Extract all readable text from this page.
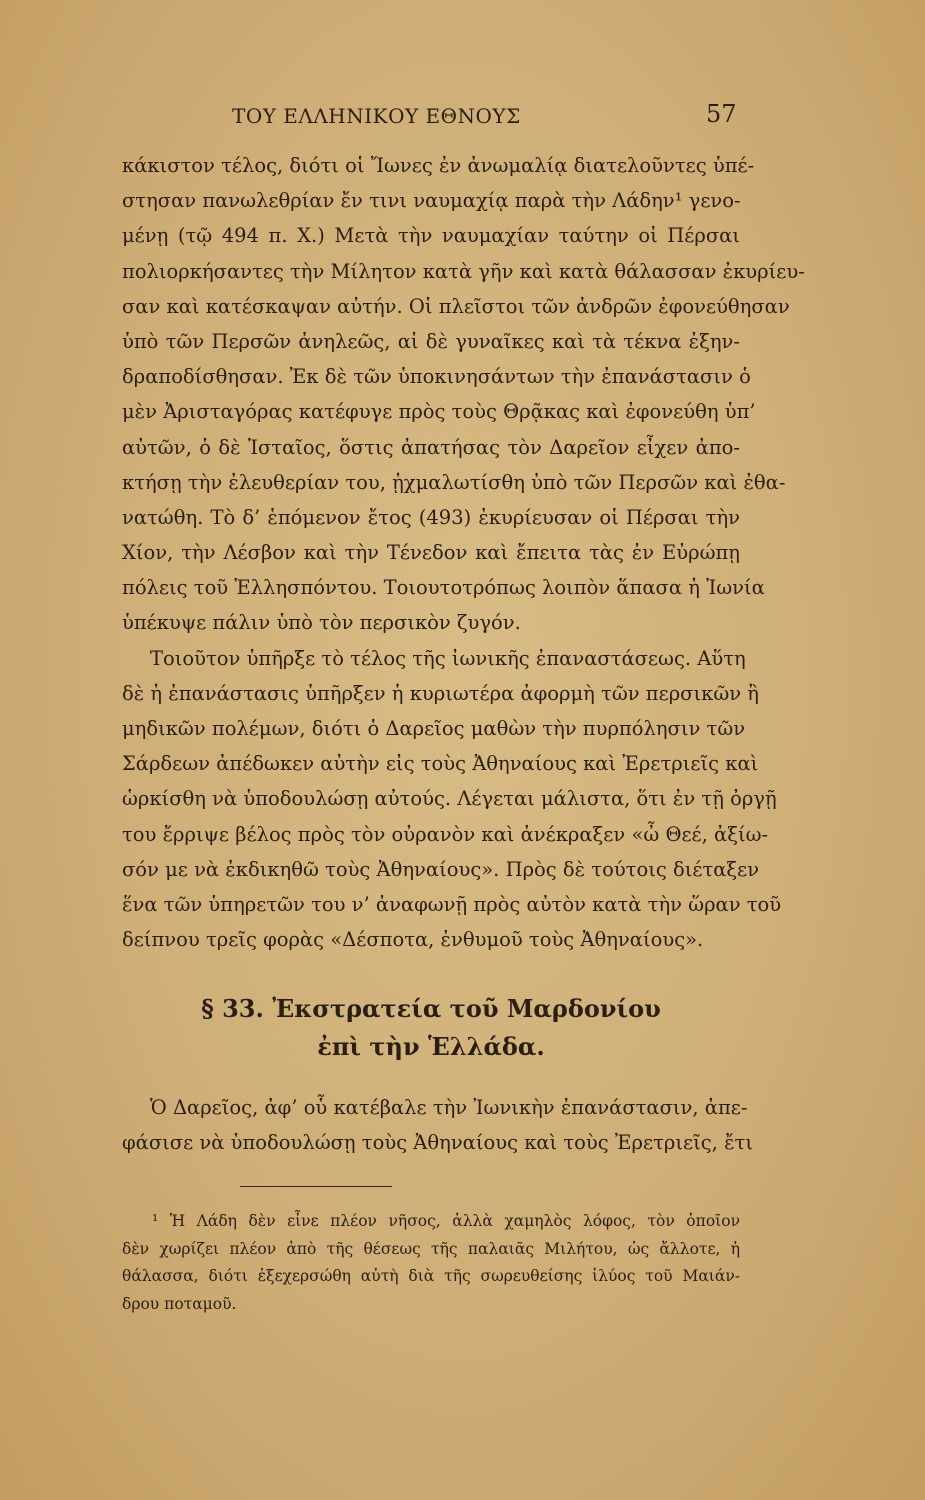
ΤΟΥ ΕΛΛΗΝΙΚΟΥ ΕΘΝΟΥΣ	57
κάκιστον τέλος, διότι οἱ Ἴωνες ἐν ἀνωμαλίᾳ διατελοῦντες ὑπέ-
στησαν πανωλεθρίαν ἔν τινι ναυμαχίᾳ παρὰ τὴν Λάδην¹ γενο-
μένῃ (τῷ 494 π. Χ.) Μετὰ τὴν ναυμαχίαν ταύτην οἱ Πέρσαι
πολιορκήσαντες τὴν Μίλητον κατὰ γῆν καὶ κατὰ θάλασσαν ἐκυρίευ-
σαν καὶ κατέσκαψαν αὐτήν. Οἱ πλεῖστοι τῶν ἀνδρῶν ἐφονεύθησαν
ὑπὸ τῶν Περσῶν ἀνηλεῶς, αἱ δὲ γυναῖκες καὶ τὰ τέκνα ἐξην-
δραποδίσθησαν. Ἐκ δὲ τῶν ὑποκινησάντων τὴν ἐπανάστασιν ὁ
μὲν Ἀρισταγόρας κατέφυγε πρὸς τοὺς Θρᾷκας καὶ ἐφονεύθη ὑπ’
αὐτῶν, ὁ δὲ Ἱσταῖος, ὅστις ἀπατήσας τὸν Δαρεῖον εἶχεν ἀπο-
κτήσῃ τὴν ἐλευθερίαν του, ᾐχμαλωτίσθη ὑπὸ τῶν Περσῶν καὶ ἐθα-
νατώθη. Τὸ δ’ ἑπόμενον ἔτος (493) ἐκυρίευσαν οἱ Πέρσαι τὴν
Χίον, τὴν Λέσβον καὶ τὴν Τένεδον καὶ ἔπειτα τὰς ἐν Εὐρώπῃ
πόλεις τοῦ Ἑλλησπόντου. Τοιουτοτρόπως λοιπὸν ἅπασα ἡ Ἰωνία
ὑπέκυψε πάλιν ὑπὸ τὸν περσικὸν ζυγόν.
Τοιοῦτον ὑπῆρξε τὸ τέλος τῆς ἰωνικῆς ἐπαναστάσεως. Αὕτη
δὲ ἡ ἐπανάστασις ὑπῆρξεν ἡ κυριωτέρα ἀφορμὴ τῶν περσικῶν ἢ
μηδικῶν πολέμων, διότι ὁ Δαρεῖος μαθὼν τὴν πυρπόλησιν τῶν
Σάρδεων ἀπέδωκεν αὐτὴν εἰς τοὺς Ἀθηναίους καὶ Ἐρετριεῖς καὶ
ὡρκίσθη νὰ ὑποδουλώσῃ αὐτούς. Λέγεται μάλιστα, ὅτι ἐν τῇ ὀργῇ
του ἔρριψε βέλος πρὸς τὸν οὐρανὸν καὶ ἀνέκραξεν «ὦ Θεέ, ἀξίω-
σόν με νὰ ἐκδικηθῶ τοὺς Ἀθηναίους». Πρὸς δὲ τούτοις διέταξεν
ἕνα τῶν ὑπηρετῶν του ν’ ἀναφωνῇ πρὸς αὐτὸν κατὰ τὴν ὥραν τοῦ
δείπνου τρεῖς φορὰς «Δέσποτα, ἐνθυμοῦ τοὺς Ἀθηναίους».
§ 33. Ἐκστρατεία τοῦ Μαρδονίου
ἐπὶ τὴν Ἑλλάδα.
Ὁ Δαρεῖος, ἀφ’ οὗ κατέβαλε τὴν Ἰωνικὴν ἐπανάστασιν, ἀπε-
φάσισε νὰ ὑποδουλώσῃ τοὺς Ἀθηναίους καὶ τοὺς Ἐρετριεῖς, ἔτι
¹ Ἡ Λάδη δὲν εἶνε πλέον νῆσος, ἀλλὰ χαμηλὸς λόφος, τὸν ὁποῖον
δὲν χωρίζει πλέον ἀπὸ τῆς θέσεως τῆς παλαιᾶς Μιλήτου, ὡς ἄλλοτε, ἡ
θάλασσα, διότι ἐξεχερσώθη αὐτὴ διὰ τῆς σωρευθείσης ἰλύος τοῦ Μαιάν-
δρου ποταμοῦ.
